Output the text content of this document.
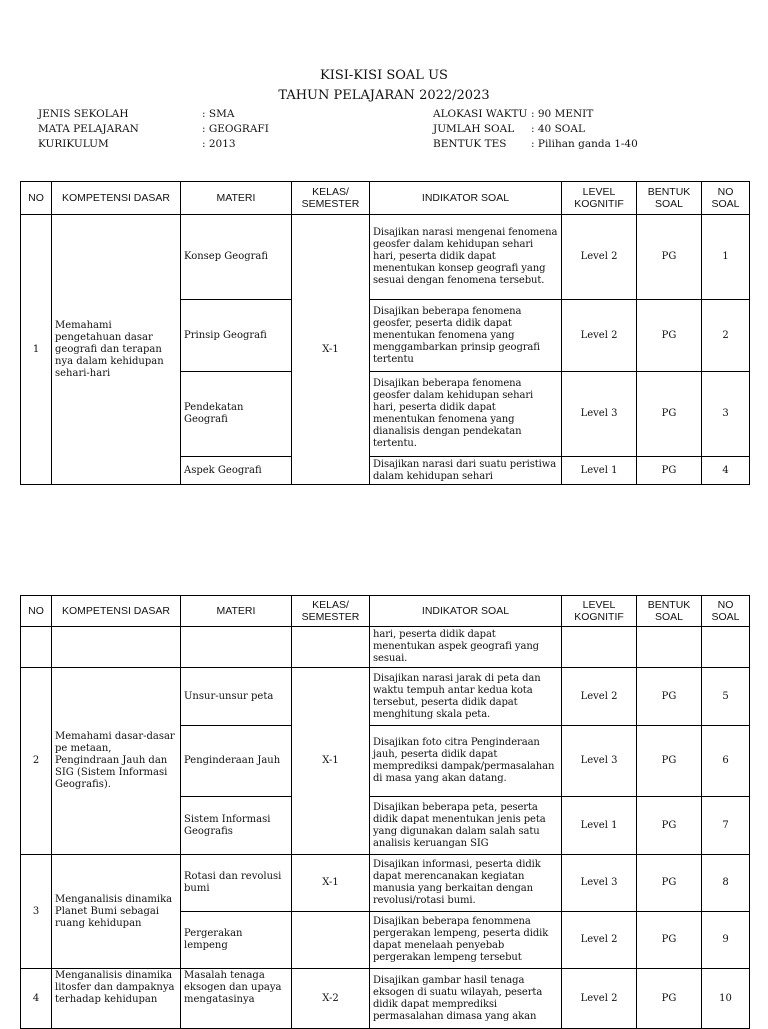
KISI-KISI SOAL US
TAHUN PELAJARAN 2022/2023
JENIS SEKOLAH	: SMA
MATA PELAJARAN	: GEOGRAFI
KURIKULUM	: 2013
ALOKASI WAKTU : 90 MENIT
JUMLAH SOAL : 40 SOAL
BENTUK TES : Pilihan ganda 1-40
NO	KOMPETENSI DASAR	MATERI	KELAS/ SEMESTER	INDIKATOR SOAL	LEVEL KOGNITIF	BENTUK SOAL	NO SOAL
1	Memahami pengetahuan dasar geografi dan terapan nya dalam kehidupan sehari-hari	Konsep Geografi	X-1	Disajikan narasi mengenai fenomena geosfer dalam kehidupan sehari hari, peserta didik dapat menentukan konsep geografi yang sesuai dengan fenomena tersebut.	Level 2	PG	1
		Prinsip Geografi		Disajikan beberapa fenomena geosfer, peserta didik dapat menentukan fenomena yang menggambarkan prinsip geografi tertentu	Level 2	PG	2
		Pendekatan Geografi		Disajikan beberapa fenomena geosfer dalam kehidupan sehari hari, peserta didik dapat menentukan fenomena yang dianalisis dengan pendekatan tertentu.	Level 3	PG	3
		Aspek Geografi		Disajikan narasi dari suatu peristiwa dalam kehidupan sehari	Level 1	PG	4
NO	KOMPETENSI DASAR	MATERI	KELAS/ SEMESTER	INDIKATOR SOAL	LEVEL KOGNITIF	BENTUK SOAL	NO SOAL
				hari, peserta didik dapat menentukan aspek geografi yang sesuai.			
2	Memahami dasar-dasar pe metaan, Pengindraan Jauh dan SIG (Sistem Informasi Geografis).	Unsur-unsur peta	X-1	Disajikan narasi jarak di peta dan waktu tempuh antar kedua kota tersebut, peserta didik dapat menghitung skala peta.	Level 2	PG	5
		Penginderaan Jauh		Disajikan foto citra Penginderaan jauh, peserta didik dapat memprediksi dampak/permasalahan di masa yang akan datang.	Level 3	PG	6
		Sistem Informasi Geografis		Disajikan beberapa peta, peserta didik dapat menentukan jenis peta yang digunakan dalam salah satu analisis keruangan SIG	Level 1	PG	7
3	Menganalisis dinamika Planet Bumi sebagai ruang kehidupan	Rotasi dan revolusi bumi	X-1	Disajikan informasi, peserta didik dapat merencanakan kegiatan manusia yang berkaitan dengan revolusi/rotasi bumi.	Level 3	PG	8
		Pergerakan lempeng		Disajikan beberapa fenommena pergerakan lempeng, peserta didik dapat menelaah penyebab pergerakan lempeng tersebut	Level 2	PG	9
4	Menganalisis dinamika litosfer dan dampaknya terhadap kehidupan	Masalah tenaga eksogen dan upaya mengatasinya	X-2	Disajikan gambar hasil tenaga eksogen di suatu wilayah, peserta didik dapat memprediksi permasalahan dimasa yang akan	Level 2	PG	10
